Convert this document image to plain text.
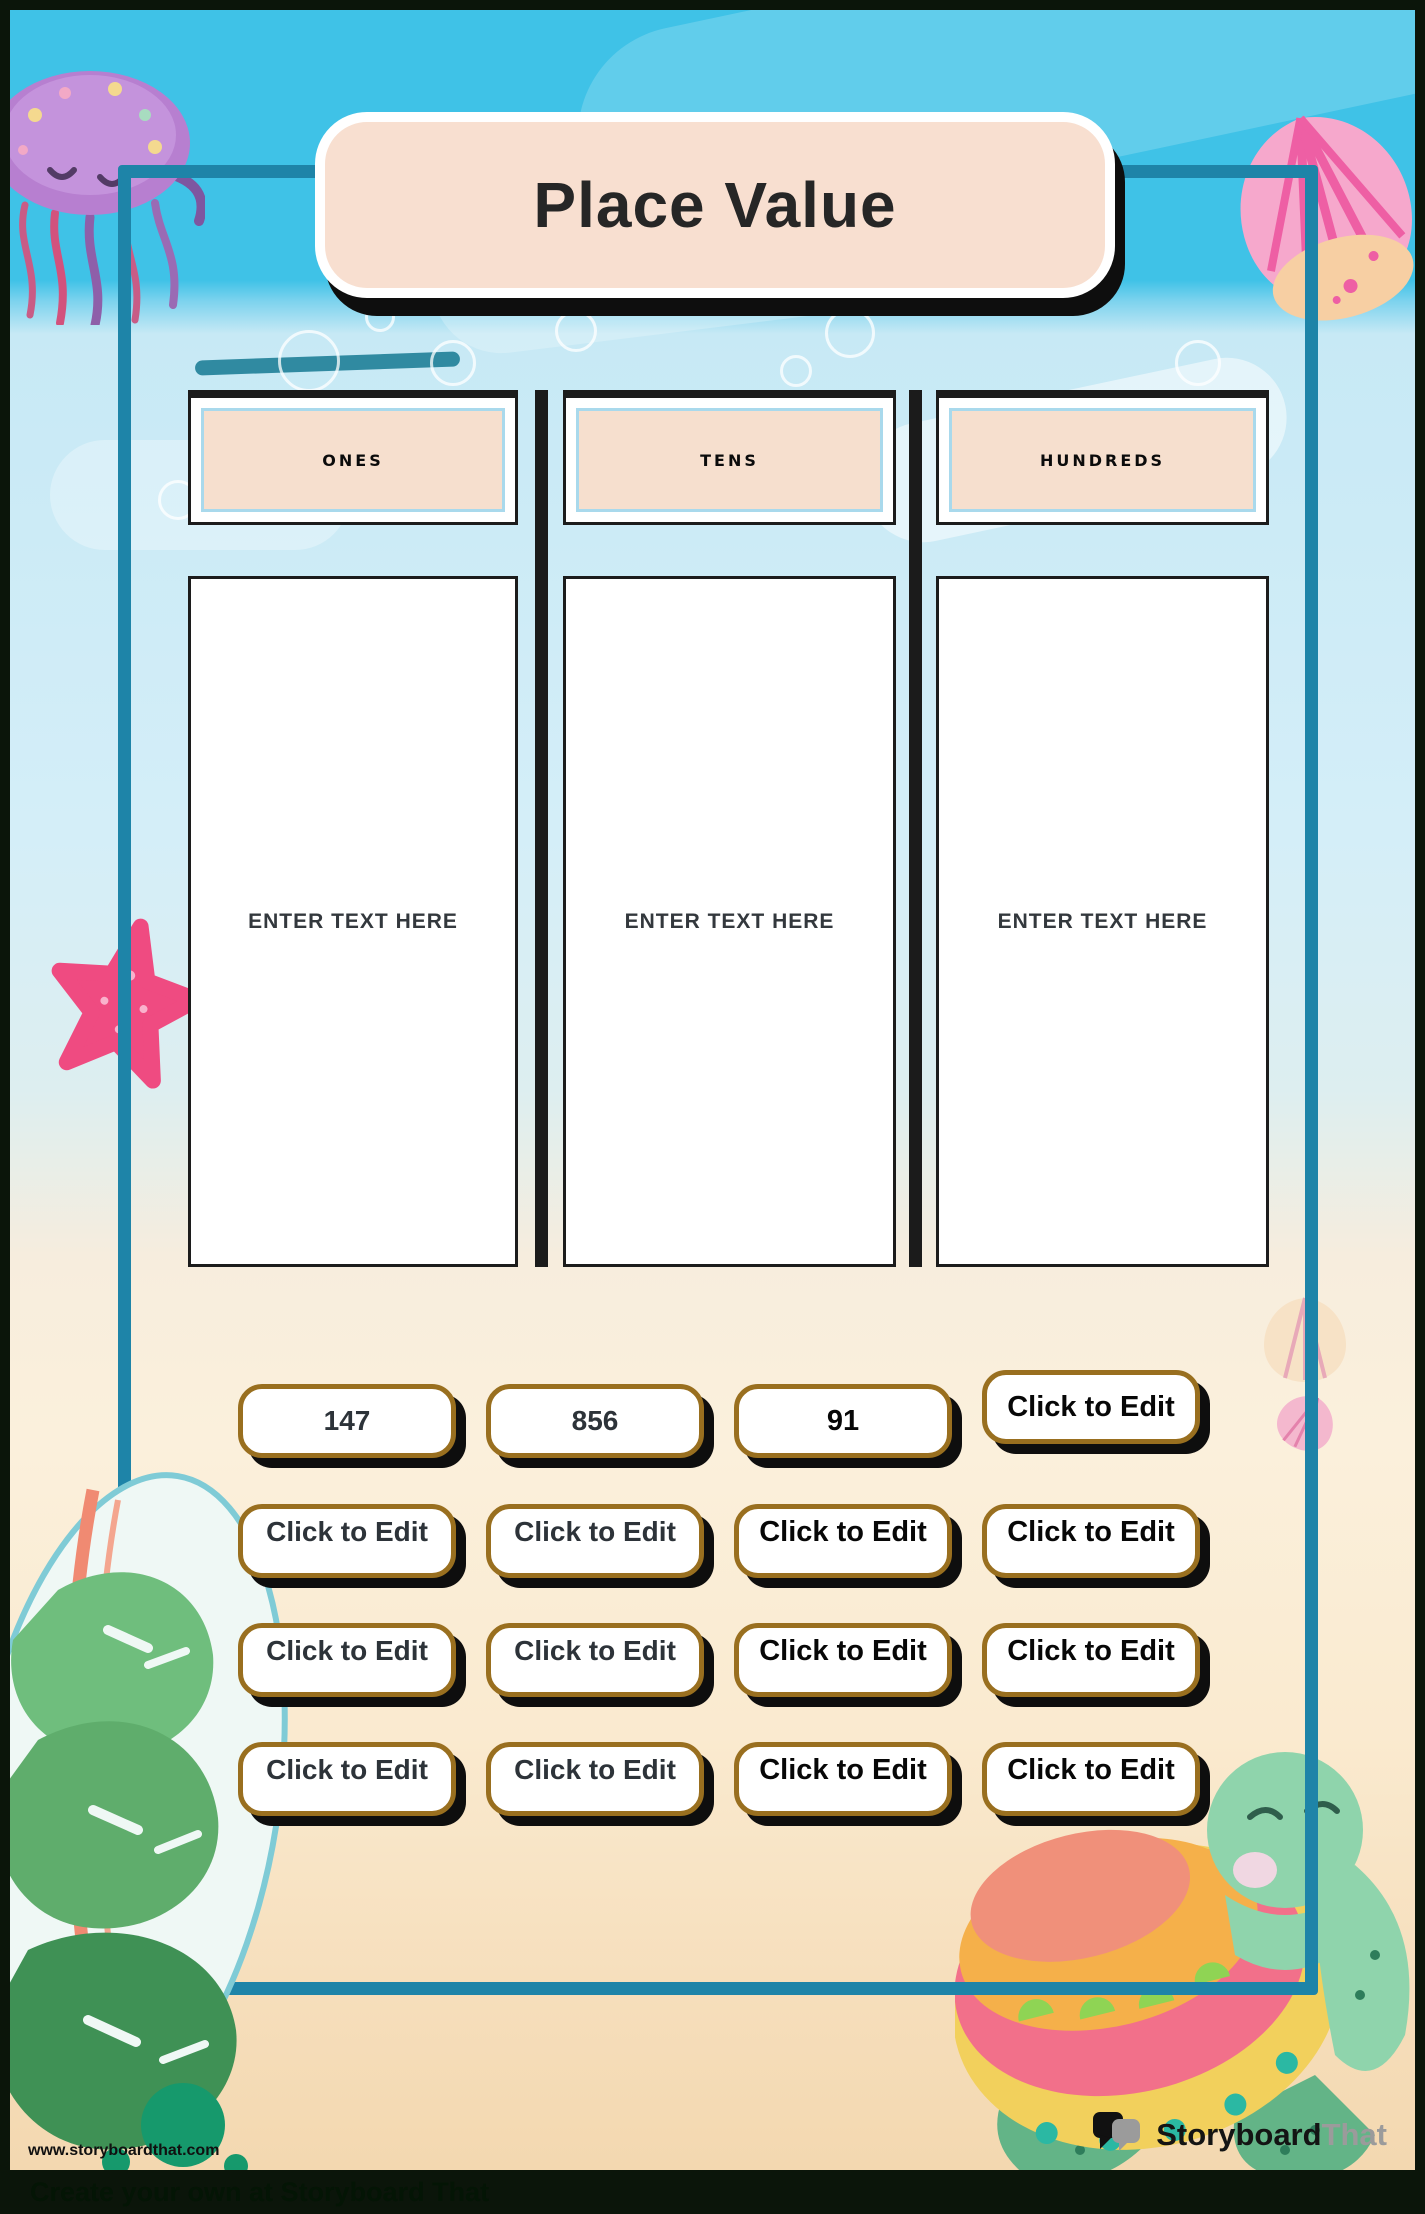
Place Value
ONES
ENTER TEXT HERE
TENS
ENTER TEXT HERE
HUNDREDS
ENTER TEXT HERE
147	856	91	Click to Edit
Click to Edit	Click to Edit	Click to Edit	Click to Edit
Click to Edit	Click to Edit	Click to Edit	Click to Edit
Click to Edit	Click to Edit	Click to Edit	Click to Edit
www.storyboardthat.com	StoryboardThat
Create your own at Storyboard That
